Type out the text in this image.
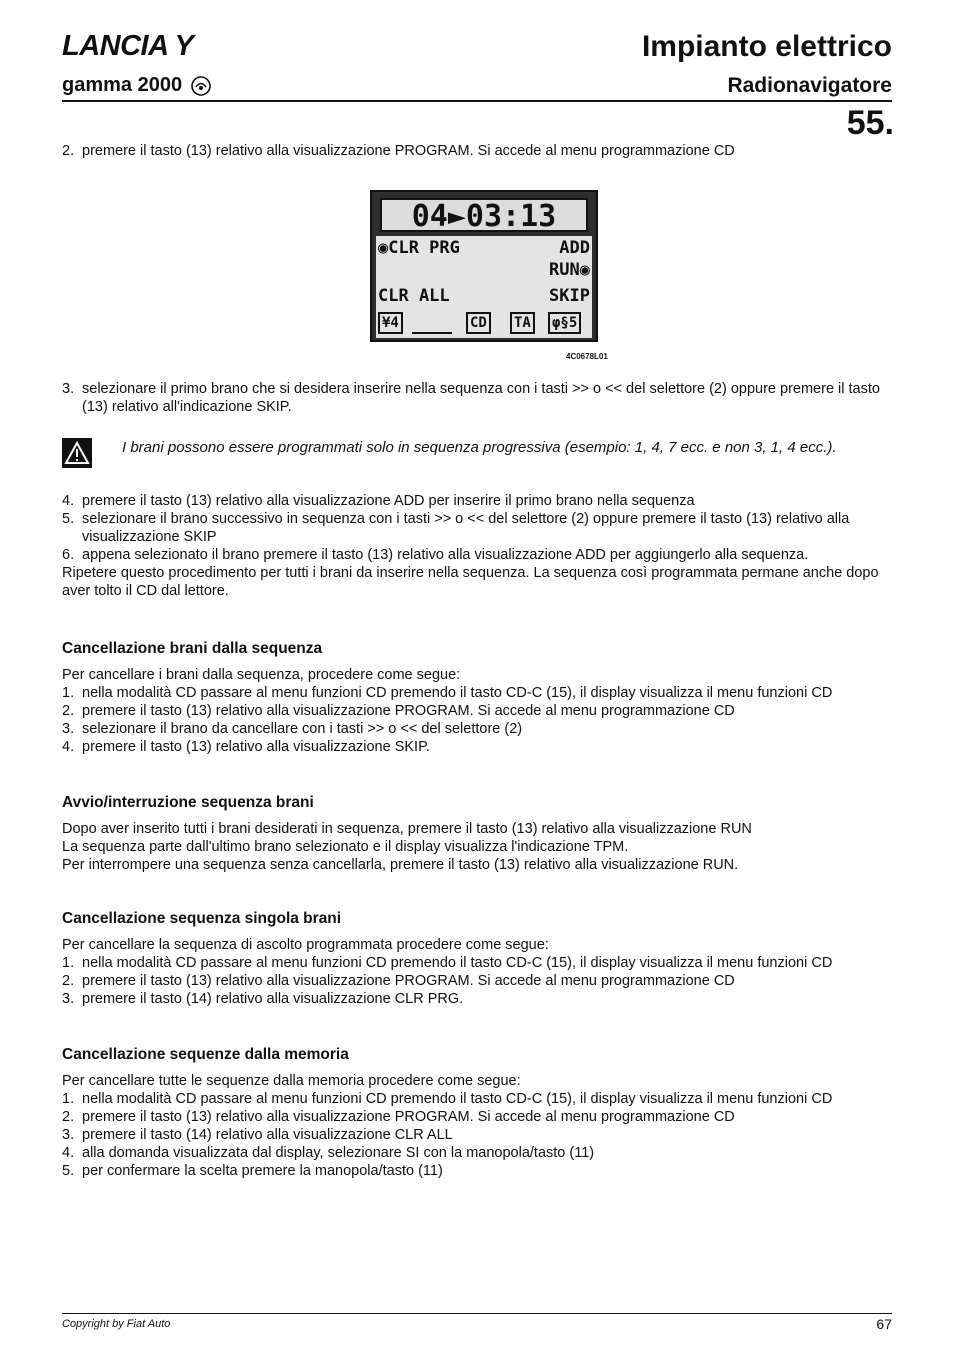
LANCIA Y
gamma 2000
Impianto elettrico
Radionavigatore
55.
2. premere il tasto (13) relativo alla visualizzazione PROGRAM. Si accede al menu programmazione CD
04►03:13
◉CLR PRG	ADD
RUN◉
CLR ALL	SKIP
¥4	CD TA φ§5
4C0678L01
3. selezionare il primo brano che si desidera inserire nella sequenza con i tasti >> o << del selettore (2) oppure premere il tasto (13) relativo all'indicazione SKIP.
I brani possono essere programmati solo in sequenza progressiva (esempio: 1, 4, 7 ecc. e non 3, 1, 4 ecc.).
4. premere il tasto (13) relativo alla visualizzazione ADD per inserire il primo brano nella sequenza
5. selezionare il brano successivo in sequenza con i tasti >> o << del selettore (2) oppure premere il tasto (13) relativo alla visualizzazione SKIP
6. appena selezionato il brano premere il tasto (13) relativo alla visualizzazione ADD per aggiungerlo alla sequenza.

Ripetere questo procedimento per tutti i brani da inserire nella sequenza. La sequenza così programmata permane anche dopo aver tolto il CD dal lettore.

Cancellazione brani dalla sequenza

Per cancellare i brani dalla sequenza, procedere come segue:

1. nella modalità CD passare al menu funzioni CD premendo il tasto CD-C (15), il display visualizza il menu funzioni CD
2. premere il tasto (13) relativo alla visualizzazione PROGRAM. Si accede al menu programmazione CD
3. selezionare il brano da cancellare con i tasti >> o << del selettore (2)
4. premere il tasto (13) relativo alla visualizzazione SKIP.
Avvio/interruzione sequenza brani

Dopo aver inserito tutti i brani desiderati in sequenza, premere il tasto (13) relativo alla visualizzazione RUN

La sequenza parte dall'ultimo brano selezionato e il display visualizza l'indicazione TPM.

Per interrompere una sequenza senza cancellarla, premere il tasto (13) relativo alla visualizzazione RUN.

Cancellazione sequenza singola brani

Per cancellare la sequenza di ascolto programmata procedere come segue:

1. nella modalità CD passare al menu funzioni CD premendo il tasto CD-C (15), il display visualizza il menu funzioni CD
2. premere il tasto (13) relativo alla visualizzazione PROGRAM. Si accede al menu programmazione CD
3. premere il tasto (14) relativo alla visualizzazione CLR PRG.
Cancellazione sequenze dalla memoria

Per cancellare tutte le sequenze dalla memoria procedere come segue:

1. nella modalità CD passare al menu funzioni CD premendo il tasto CD-C (15), il display visualizza il menu funzioni CD
2. premere il tasto (13) relativo alla visualizzazione PROGRAM. Si accede al menu programmazione CD
3. premere il tasto (14) relativo alla visualizzazione CLR ALL
4. alla domanda visualizzata dal display, selezionare SI con la manopola/tasto (11)
5. per confermare la scelta premere la manopola/tasto (11)
Copyright by Fiat Auto	67
